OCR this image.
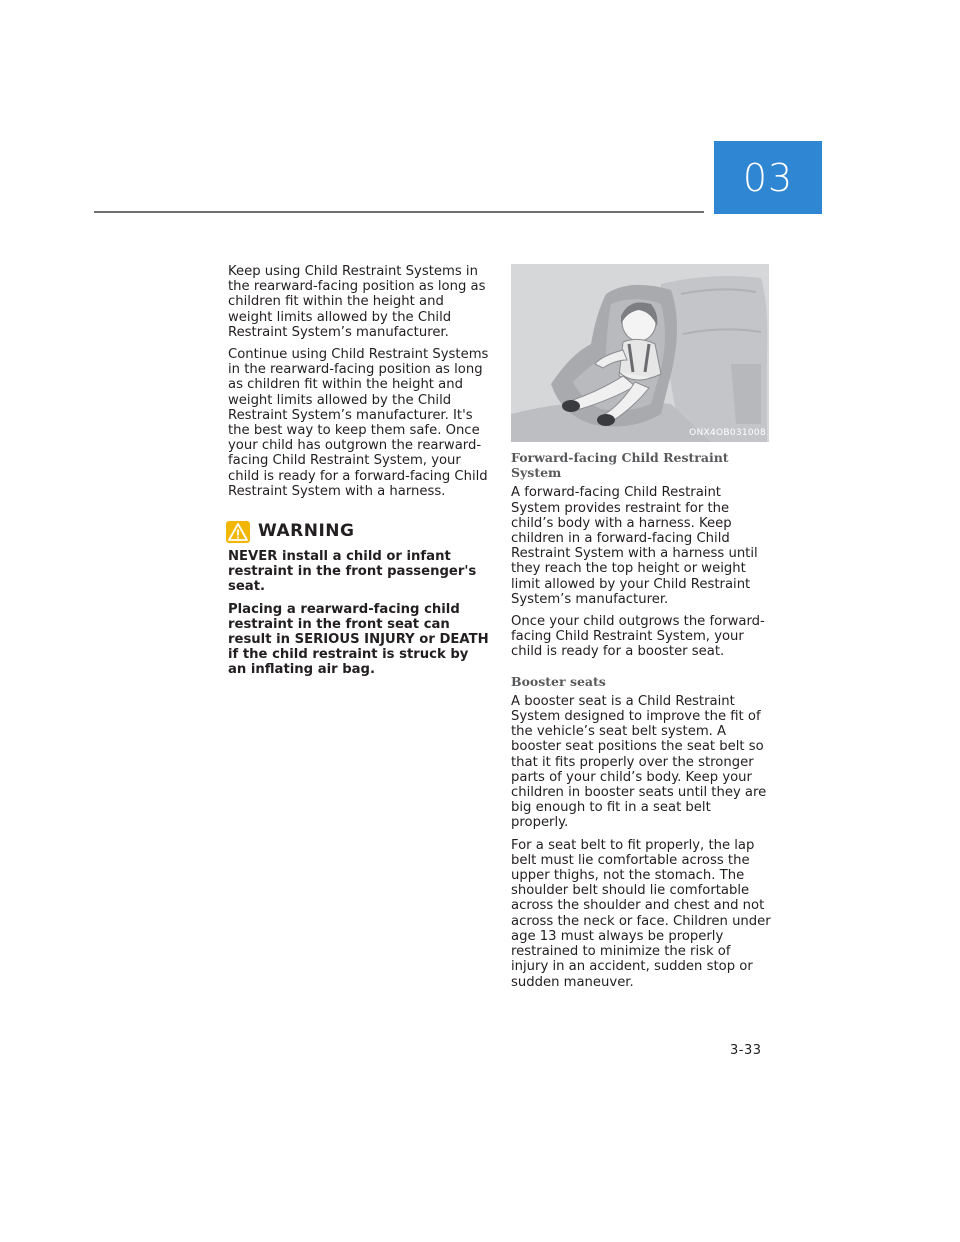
03

Keep using Child Restraint Systems in the rearward-facing position as long as children fit within the height and weight limits allowed by the Child Restraint System’s manufacturer.

Continue using Child Restraint Systems in the rearward-facing position as long as children fit within the height and weight limits allowed by the Child Restraint System’s manufacturer. It's the best way to keep them safe. Once your child has outgrown the rearward-facing Child Restraint System, your child is ready for a forward-facing Child Restraint System with a harness.

WARNING

NEVER install a child or infant restraint in the front passenger's seat.

Placing a rearward-facing child restraint in the front seat can result in SERIOUS INJURY or DEATH if the child restraint is struck by an inflating air bag.

ONX4OB031008
Forward-facing Child Restraint System

A forward-facing Child Restraint System provides restraint for the child’s body with a harness. Keep children in a forward-facing Child Restraint System with a harness until they reach the top height or weight limit allowed by your Child Restraint System’s manufacturer.

Once your child outgrows the forward-facing Child Restraint System, your child is ready for a booster seat.

Booster seats

A booster seat is a Child Restraint System designed to improve the fit of the vehicle’s seat belt system. A booster seat positions the seat belt so that it fits properly over the stronger parts of your child’s body. Keep your children in booster seats until they are big enough to fit in a seat belt properly.

For a seat belt to fit properly, the lap belt must lie comfortable across the upper thighs, not the stomach. The shoulder belt should lie comfortable across the shoulder and chest and not across the neck or face. Children under age 13 must always be properly restrained to minimize the risk of injury in an accident, sudden stop or sudden maneuver.

3-33
